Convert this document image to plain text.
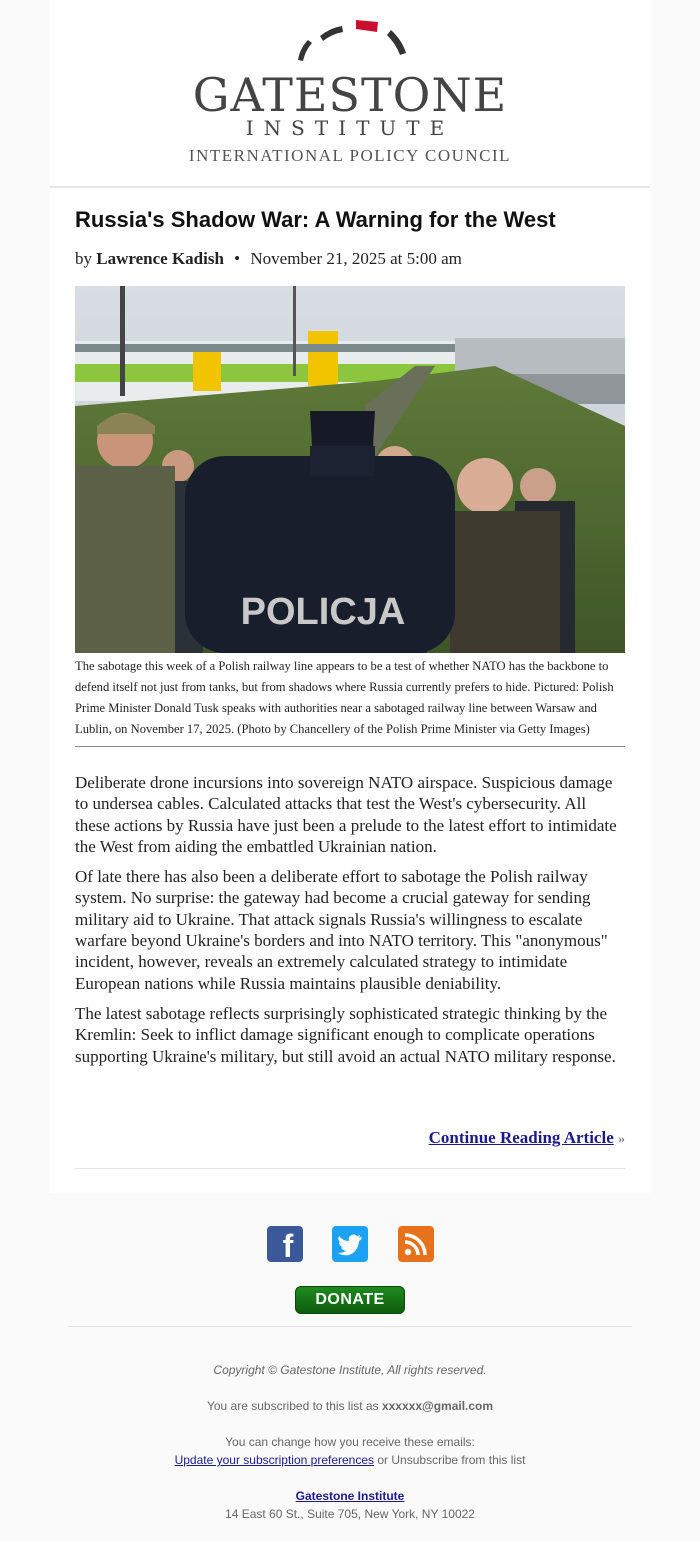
GATESTONE
INSTITUTE
INTERNATIONAL POLICY COUNCIL
Russia's Shadow War: A Warning for the West
by Lawrence Kadish • November 21, 2025 at 5:00 am
POLICJA
The sabotage this week of a Polish railway line appears to be a test of whether NATO has the backbone to defend itself not just from tanks, but from shadows where Russia currently prefers to hide. Pictured: Polish Prime Minister Donald Tusk speaks with authorities near a sabotaged railway line between Warsaw and Lublin, on November 17, 2025. (Photo by Chancellery of the Polish Prime Minister via Getty Images)

Deliberate drone incursions into sovereign NATO airspace. Suspicious damage to undersea cables. Calculated attacks that test the West's cybersecurity. All these actions by Russia have just been a prelude to the latest effort to intimidate the West from aiding the embattled Ukrainian nation.

Of late there has also been a deliberate effort to sabotage the Polish railway system. No surprise: the gateway had become a crucial gateway for sending military aid to Ukraine. That attack signals Russia's willingness to escalate warfare beyond Ukraine's borders and into NATO territory. This "anonymous" incident, however, reveals an extremely calculated strategy to intimidate European nations while Russia maintains plausible deniability.

The latest sabotage reflects surprisingly sophisticated strategic thinking by the Kremlin: Seek to inflict damage significant enough to complicate operations supporting Ukraine's military, but still avoid an actual NATO military response.

Continue Reading Article »
f
DONATE
Copyright © Gatestone Institute, All rights reserved.
You are subscribed to this list as xxxxxx@gmail.com
You can change how you receive these emails:
Update your subscription preferences or Unsubscribe from this list
Gatestone Institute
14 East 60 St., Suite 705, New York, NY 10022
